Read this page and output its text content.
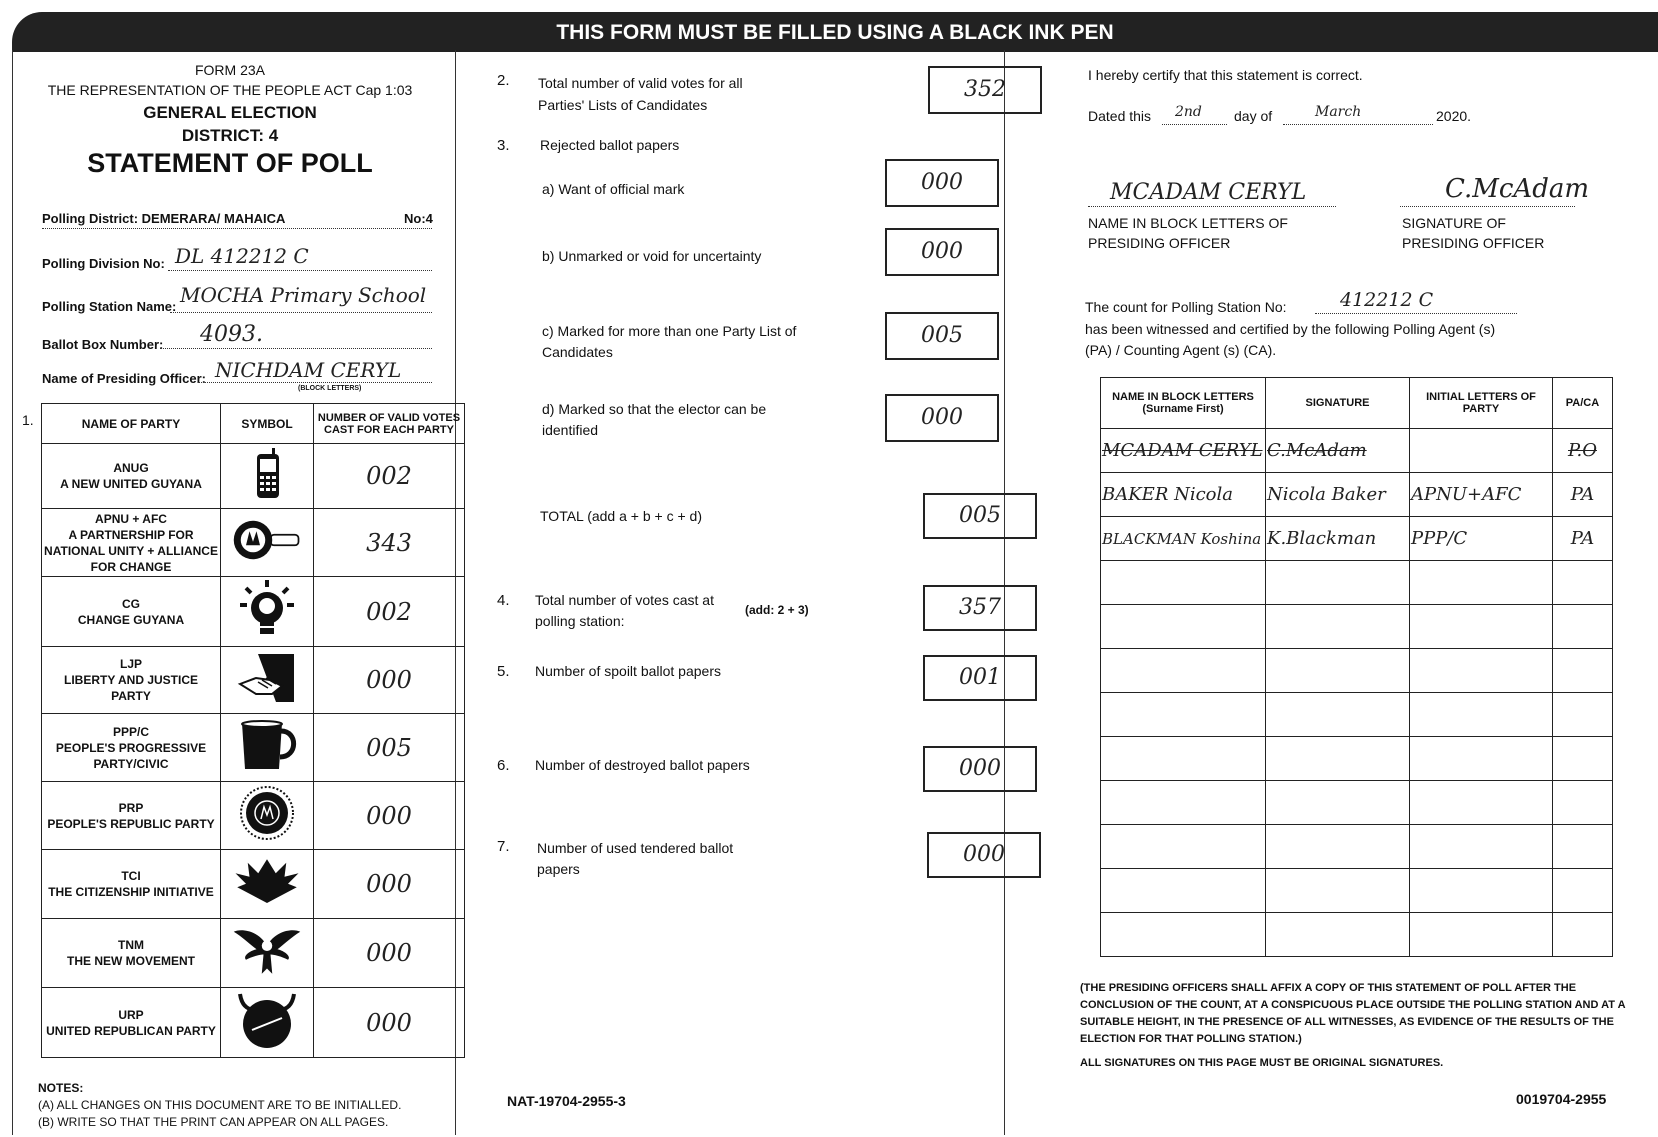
THIS FORM MUST BE FILLED USING A BLACK INK PEN
FORM 23A
THE REPRESENTATION OF THE PEOPLE ACT Cap 1:03
GENERAL ELECTION
DISTRICT: 4
STATEMENT OF POLL
Polling District: DEMERARA/ MAHAICA	No:4
Polling Division No: DL 412212 C
Polling Station Name: MOCHA Primary School
Ballot Box Number: 4093.
Name of Presiding Officer: NICHDAM CERYL
(BLOCK LETTERS)
1.	NAME OF PARTY	SYMBOL	NUMBER OF VALID VOTES CAST FOR EACH PARTY

ANUG
A NEW UNITED GUYANA		002

APNU + AFC
A PARTNERSHIP FOR NATIONAL UNITY + ALLIANCE FOR CHANGE		343

CG
CHANGE GUYANA		002

LJP
LIBERTY AND JUSTICE PARTY		000

PPP/C
PEOPLE'S PROGRESSIVE PARTY/CIVIC		005

PRP
PEOPLE'S REPUBLIC PARTY		000

TCI
THE CITIZENSHIP INITIATIVE		000

TNM
THE NEW MOVEMENT		000

URP
UNITED REPUBLICAN PARTY		000
NOTES:
(A) ALL CHANGES ON THIS DOCUMENT ARE TO BE INITIALLED.
(B) WRITE SO THAT THE PRINT CAN APPEAR ON ALL PAGES.
2. Total number of valid votes for all Parties' Lists of Candidates
352
3. Rejected ballot papers
a) Want of official mark	000
b) Unmarked or void for uncertainty	000
c) Marked for more than one Party List of Candidates
005
d) Marked so that the elector can be identified	000
TOTAL (add a + b + c + d)	005
4. Total number of votes cast at polling station:
(add: 2 + 3)	357
5. Number of spoilt ballot papers	001
6. Number of destroyed ballot papers	000
7. Number of used tendered ballot papers
000
NAT-19704-2955-3
I hereby certify that this statement is correct.
Dated this 2nd day of	March	2020.
MCADAM CERYL	C.McAdam
NAME IN BLOCK LETTERS OF PRESIDING OFFICER
SIGNATURE OF PRESIDING OFFICER
The count for Polling Station No:	412212 C
has been witnessed and certified by the following Polling Agent (s) (PA) / Counting Agent (s) (CA).
NAME IN BLOCK LETTERS (Surname First)	SIGNATURE	INITIAL LETTERS OF PARTY	PA/CA
MCADAM CERYL	C.McAdam		P.O
BAKER Nicola	Nicola Baker	APNU+AFC	PA
BLACKMAN Koshina	K.Blackman	PPP/C	PA

(THE PRESIDING OFFICERS SHALL AFFIX A COPY OF THIS STATEMENT OF POLL AFTER THE CONCLUSION OF THE COUNT, AT A CONSPICUOUS PLACE OUTSIDE THE POLLING STATION AND AT A SUITABLE HEIGHT, IN THE PRESENCE OF ALL WITNESSES, AS EVIDENCE OF THE RESULTS OF THE ELECTION FOR THAT POLLING STATION.)
ALL SIGNATURES ON THIS PAGE MUST BE ORIGINAL SIGNATURES.
0019704-2955
